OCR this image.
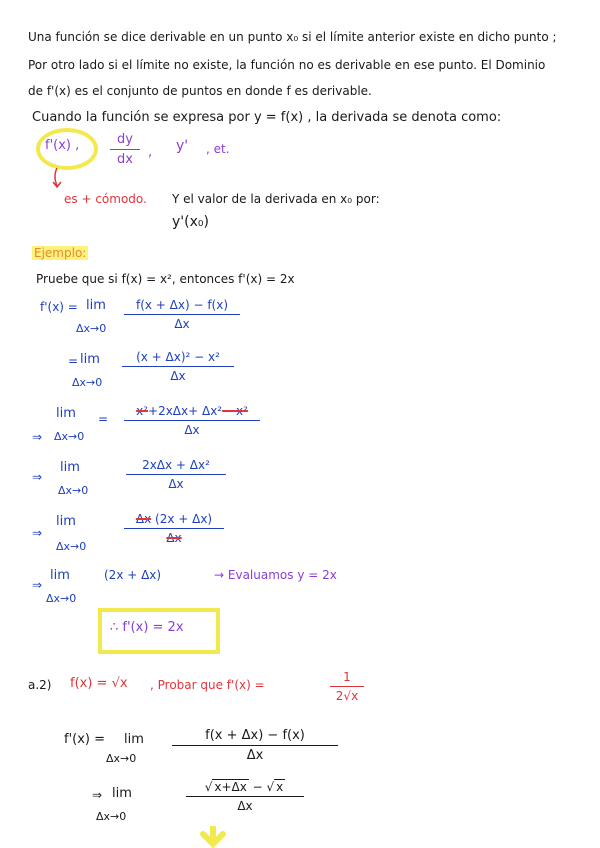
Una función se dice derivable en un punto x₀ si el límite anterior existe en dicho punto ;
Por otro lado si el límite no existe, la función no es derivable en ese punto. El Dominio
de f'(x) es el conjunto de puntos en donde f es derivable.
Cuando la función se expresa por y = f(x) , la derivada se denota como:
f'(x) ,	dy
dx	, y' , et.
es + cómodo. Y el valor de la derivada en x₀ por:
y'(x₀)
Ejemplo:
Pruebe que si f(x) = x², entonces f'(x) = 2x
f'(x) = lim
Δx→0
f(x + Δx) − f(x)
Δx
= lim
Δx→0
(x + Δx)² − x²
Δx
lim
⇒ Δx→0
=
x²+2xΔx+ Δx²− x²
Δx
⇒
lim
Δx→0
2xΔx + Δx²
Δx
⇒
lim
Δx→0
Δx (2x + Δx)
Δx
⇒
lim
Δx→0
(2x + Δx)	→ Evaluamos y = 2x
∴ f'(x) = 2x
a.2) f(x) = √x , Probar que f'(x) =
1
2√x
f'(x) = lim
Δx→0
f(x + Δx) − f(x)
Δx
⇒ lim
Δx→0
√ x+Δx − √ x
Δx
